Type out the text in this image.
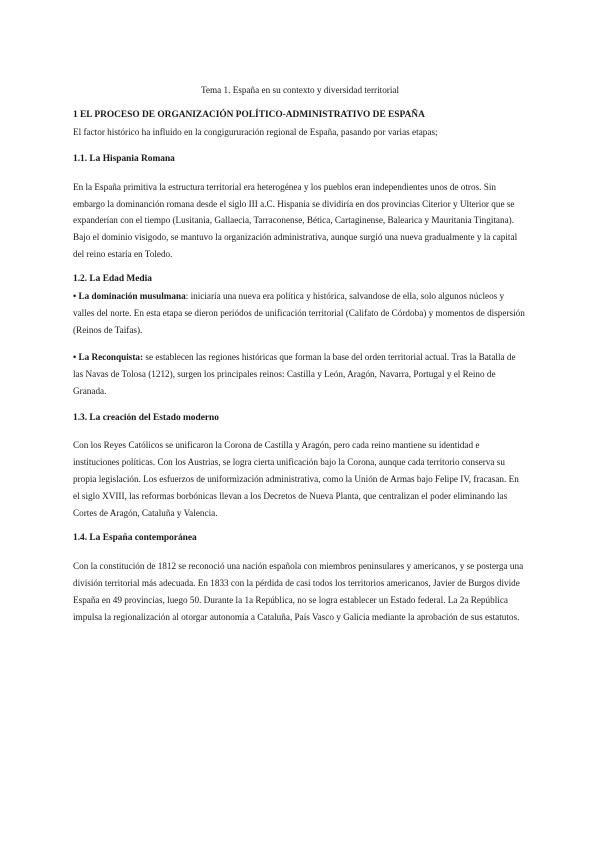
Tema 1. España en su contexto y diversidad territorial

1 EL PROCESO DE ORGANIZACIÓN POLÍTICO-ADMINISTRATIVO DE ESPAÑA

El factor histórico ha influido en la congigururación regional de España, pasando por varias etapas;

1.1. La Hispania Romana

En la España primitiva la estructura territorial era heterogénea y los pueblos eran independientes unos de otros. Sin embargo la dominanción romana desde el siglo III a.C. Hispania se dividiría en dos provincias Citerior y Ulterior que se expanderían con el tiempo (Lusitania, Gallaecia, Tarraconense, Bética, Cartaginense, Balearica y Mauritania Tingitana). Bajo el dominio visigodo, se mantuvo la organización administrativa, aunque surgió una nueva gradualmente y la capital del reino estaría en Toledo.

1.2. La Edad Media

• La dominación musulmana: iniciaría una nueva era política y histórica, salvandose de ella, solo algunos núcleos y valles del norte. En esta etapa se dieron periódos de unificación territorial (Califato de Córdoba) y momentos de dispersión (Reinos de Taifas).

• La Reconquista: se establecen las regiones históricas que forman la base del orden territorial actual. Tras la Batalla de las Navas de Tolosa (1212), surgen los principales reinos: Castilla y León, Aragón, Navarra, Portugal y el Reino de Granada.

1.3. La creación del Estado moderno

Con los Reyes Católicos se unificaron la Corona de Castilla y Aragón, pero cada reino mantiene su identidad e instituciones políticas. Con los Austrias, se logra cierta unificación bajo la Corona, aunque cada territorio conserva su propia legislación. Los esfuerzos de uniformización administrativa, como la Unión de Armas bajo Felipe IV, fracasan. En el siglo XVIII, las reformas borbónicas llevan a los Decretos de Nueva Planta, que centralizan el poder eliminando las Cortes de Aragón, Cataluña y Valencia.

1.4. La España contemporánea

Con la constitución de 1812 se reconoció una nación española con miembros peninsulares y americanos, y se posterga una división territorial más adecuada. En 1833 con la pérdida de casi todos los territorios americanos, Javier de Burgos divide España en 49 provincias, luego 50. Durante la 1a República, no se logra establecer un Estado federal. La 2a República impulsa la regionalización al otorgar autonomía a Cataluña, País Vasco y Galicia mediante la aprobación de sus estatutos.
